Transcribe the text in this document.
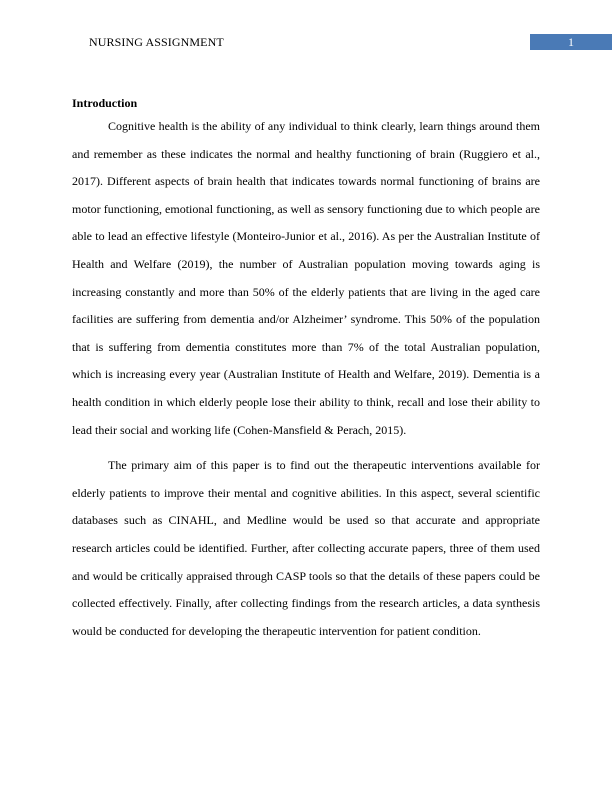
NURSING ASSIGNMENT	1
Introduction

Cognitive health is the ability of any individual to think clearly, learn things around them and remember as these indicates the normal and healthy functioning of brain (Ruggiero et al., 2017). Different aspects of brain health that indicates towards normal functioning of brains are motor functioning, emotional functioning, as well as sensory functioning due to which people are able to lead an effective lifestyle (Monteiro-Junior et al., 2016). As per the Australian Institute of Health and Welfare (2019), the number of Australian population moving towards aging is increasing constantly and more than 50% of the elderly patients that are living in the aged care facilities are suffering from dementia and/or Alzheimer’ syndrome. This 50% of the population that is suffering from dementia constitutes more than 7% of the total Australian population, which is increasing every year (Australian Institute of Health and Welfare, 2019). Dementia is a health condition in which elderly people lose their ability to think, recall and lose their ability to lead their social and working life (Cohen-Mansfield & Perach, 2015).

The primary aim of this paper is to find out the therapeutic interventions available for elderly patients to improve their mental and cognitive abilities. In this aspect, several scientific databases such as CINAHL, and Medline would be used so that accurate and appropriate research articles could be identified. Further, after collecting accurate papers, three of them used and would be critically appraised through CASP tools so that the details of these papers could be collected effectively. Finally, after collecting findings from the research articles, a data synthesis would be conducted for developing the therapeutic intervention for patient condition.
